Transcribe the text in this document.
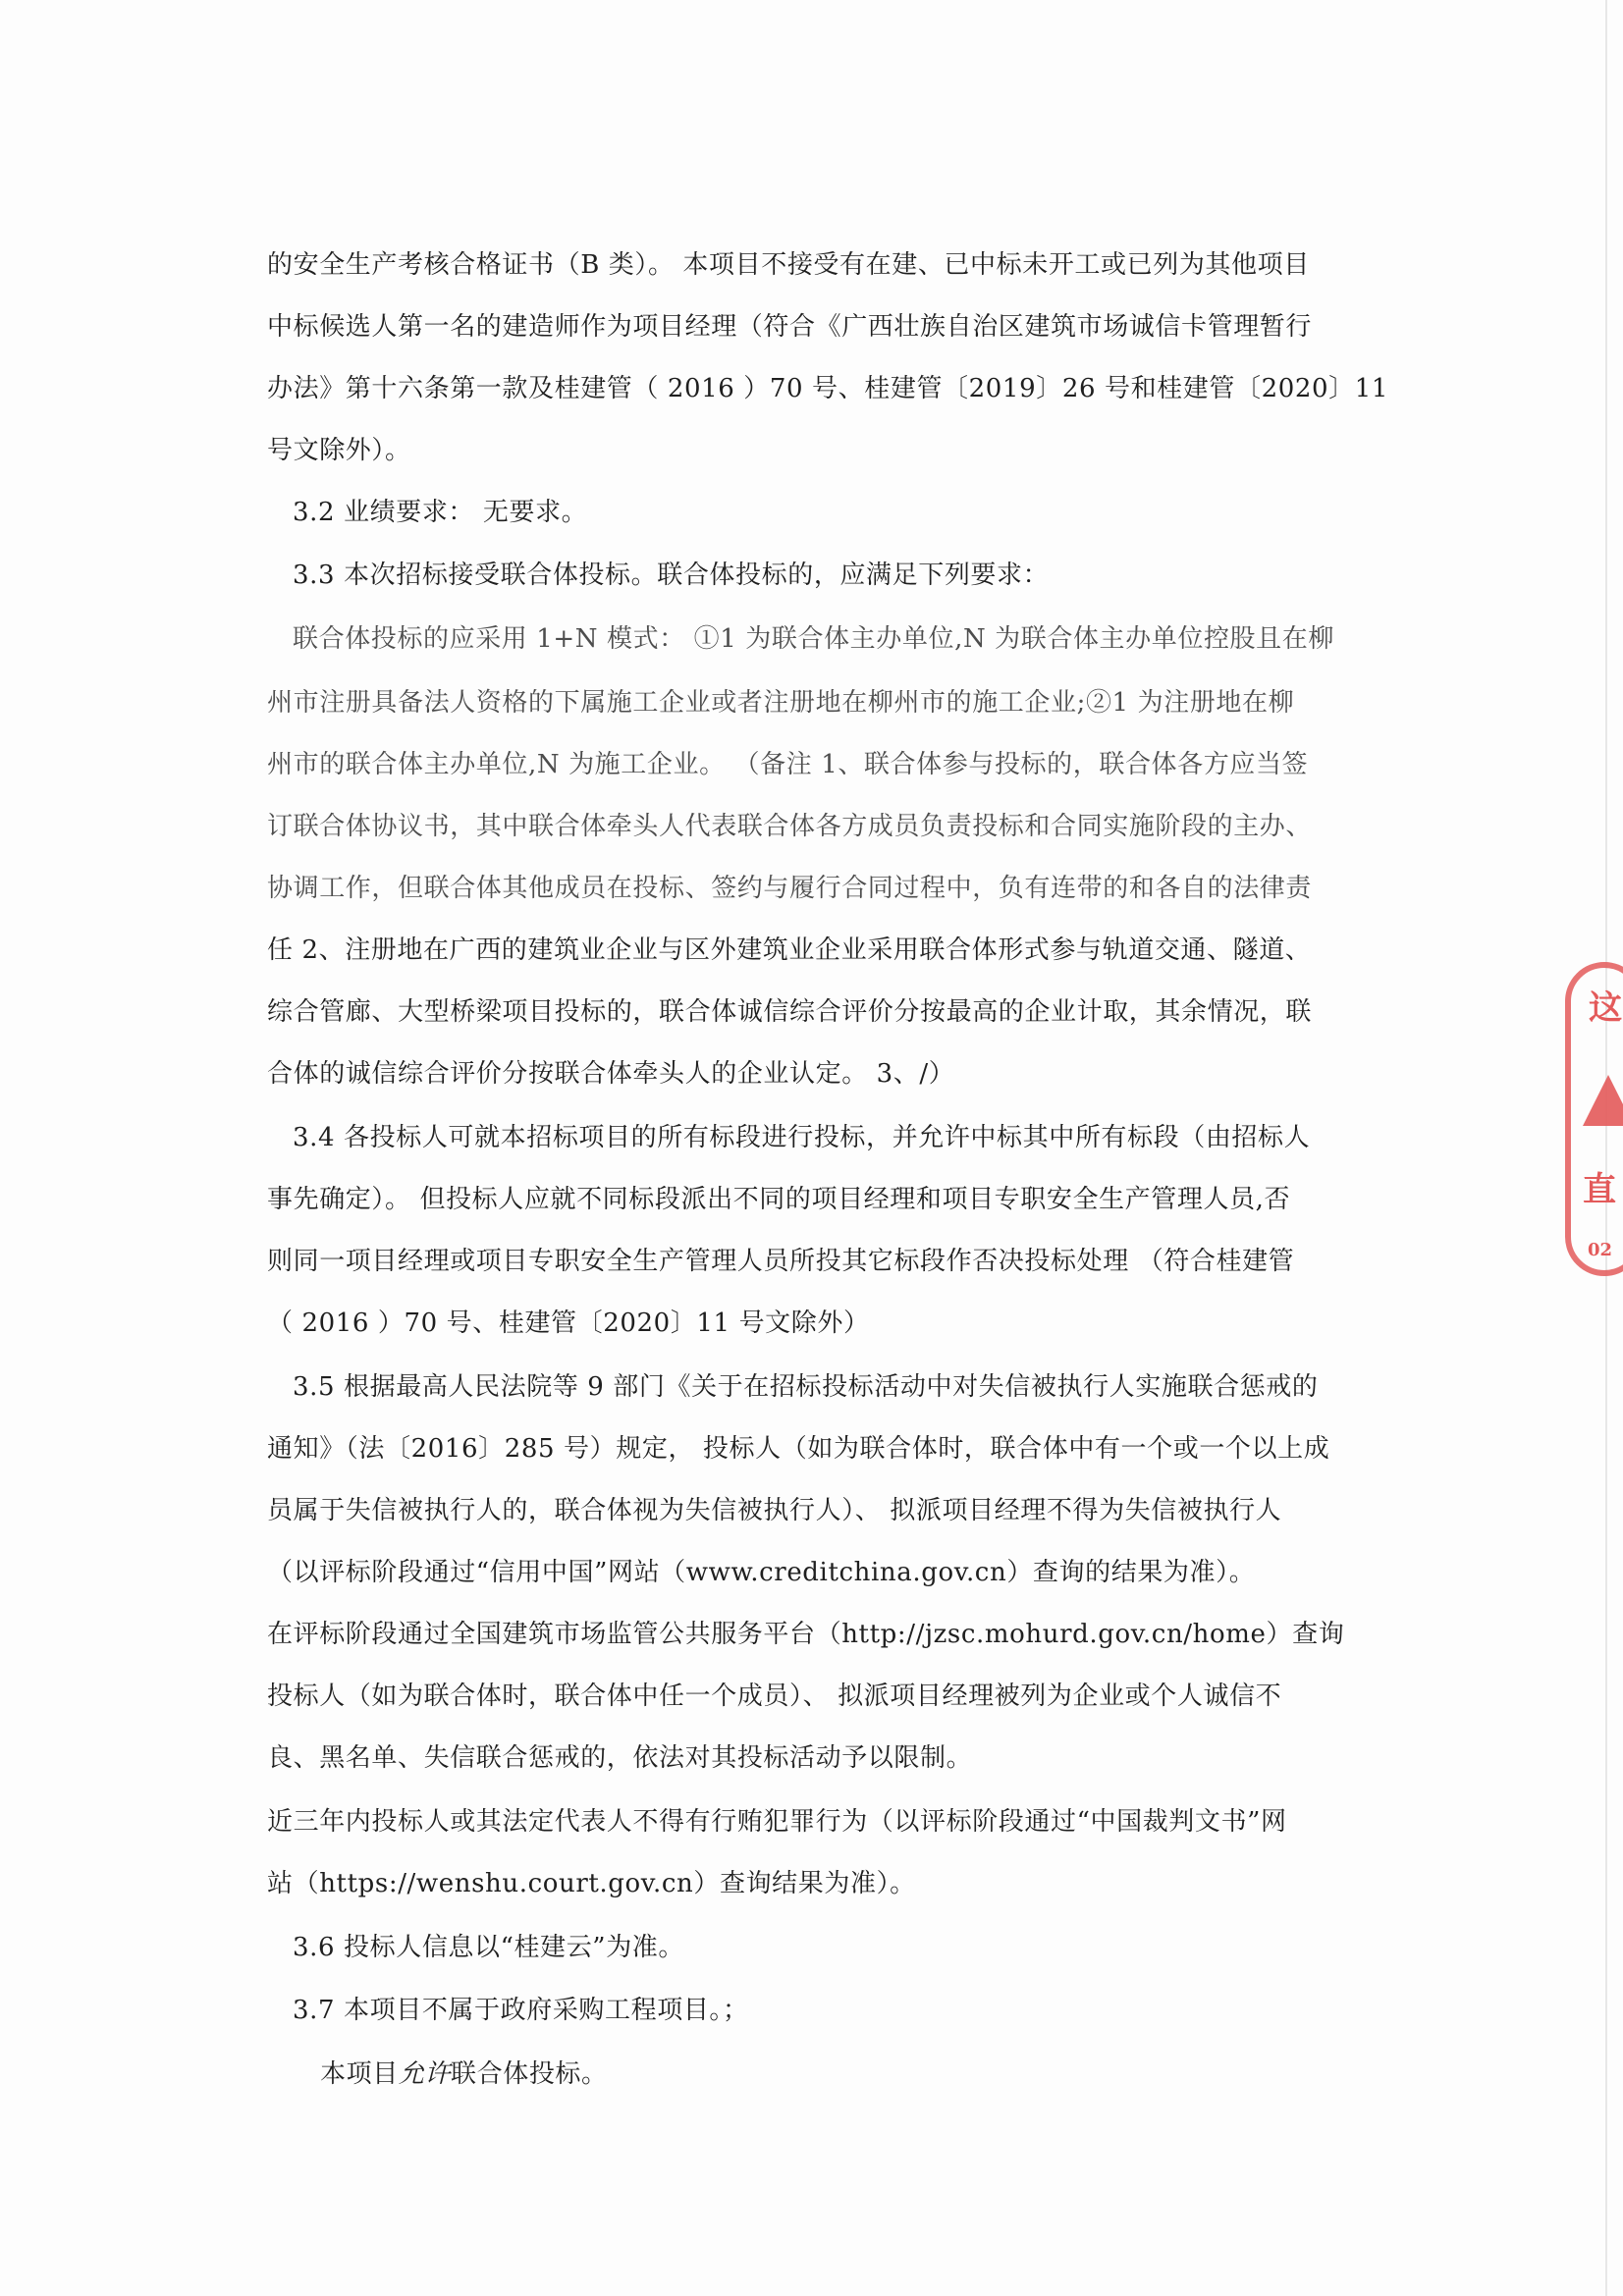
的安全生产考核合格证书（B 类）。 本项目不接受有在建、已中标未开工或已列为其他项目
中标候选人第一名的建造师作为项目经理（符合《广西壮族自治区建筑市场诚信卡管理暂行
办法》第十六条第一款及桂建管（ 2016 ）70 号、桂建管〔2019〕26 号和桂建管〔2020〕11
号文除外）。
3.2 业绩要求： 无要求。
3.3 本次招标接受联合体投标。联合体投标的，应满足下列要求：
联合体投标的应采用 1+N 模式： ①1 为联合体主办单位,N 为联合体主办单位控股且在柳
州市注册具备法人资格的下属施工企业或者注册地在柳州市的施工企业;②1 为注册地在柳
州市的联合体主办单位,N 为施工企业。 （备注 1、联合体参与投标的，联合体各方应当签
订联合体协议书，其中联合体牵头人代表联合体各方成员负责投标和合同实施阶段的主办、
协调工作，但联合体其他成员在投标、签约与履行合同过程中，负有连带的和各自的法律责
任 2、注册地在广西的建筑业企业与区外建筑业企业采用联合体形式参与轨道交通、隧道、
综合管廊、大型桥梁项目投标的，联合体诚信综合评价分按最高的企业计取，其余情况，联
合体的诚信综合评价分按联合体牵头人的企业认定。 3、/）
3.4 各投标人可就本招标项目的所有标段进行投标，并允许中标其中所有标段（由招标人
事先确定）。 但投标人应就不同标段派出不同的项目经理和项目专职安全生产管理人员,否
则同一项目经理或项目专职安全生产管理人员所投其它标段作否决投标处理 （符合桂建管
（ 2016 ）70 号、桂建管〔2020〕11 号文除外）
3.5 根据最高人民法院等 9 部门《关于在招标投标活动中对失信被执行人实施联合惩戒的
通知》（法〔2016〕285 号）规定， 投标人（如为联合体时，联合体中有一个或一个以上成
员属于失信被执行人的，联合体视为失信被执行人）、 拟派项目经理不得为失信被执行人
（以评标阶段通过“信用中国”网站（www.creditchina.gov.cn）查询的结果为准）。
在评标阶段通过全国建筑市场监管公共服务平台（http://jzsc.mohurd.gov.cn/home）查询
投标人（如为联合体时，联合体中任一个成员）、 拟派项目经理被列为企业或个人诚信不
良、黑名单、失信联合惩戒的，依法对其投标活动予以限制。
近三年内投标人或其法定代表人不得有行贿犯罪行为（以评标阶段通过“中国裁判文书”网
站（https://wenshu.court.gov.cn）查询结果为准）。
3.6 投标人信息以“桂建云”为准。
3.7 本项目不属于政府采购工程项目。；
本项目允许联合体投标。
这
直
02
